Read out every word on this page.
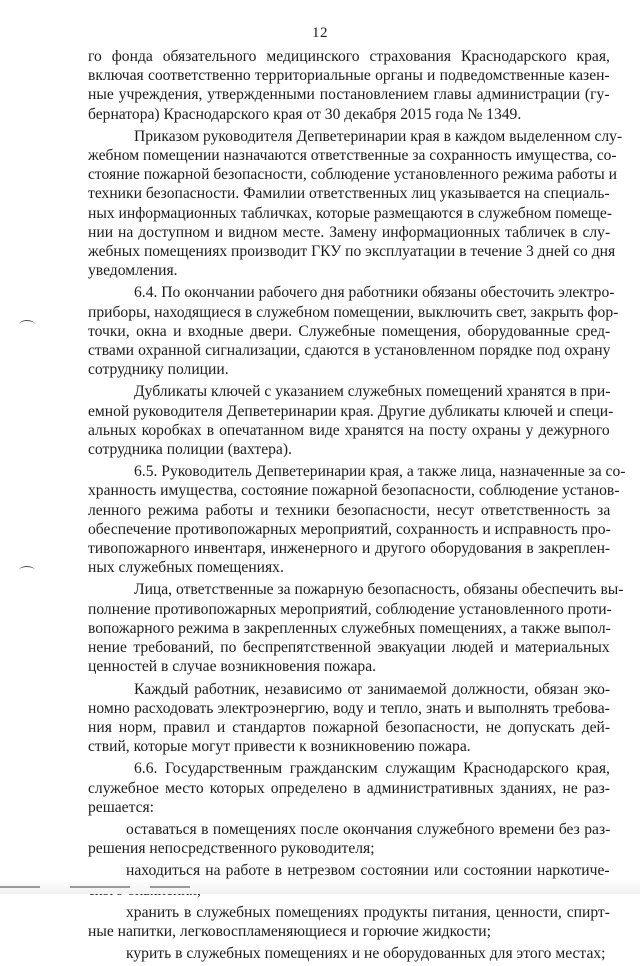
12

го фонда обязательного медицинского страхования Краснодарского края,
включая соответственно территориальные органы и подведомственные казен-
ные учреждения, утвержденными постановлением главы администрации (гу-
бернатора) Краснодарского края от 30 декабря 2015 года № 1349.

Приказом руководителя Депветеринарии края в каждом выделенном слу-
жебном помещении назначаются ответственные за сохранность имущества, со-
стояние пожарной безопасности, соблюдение установленного режима работы и
техники безопасности. Фамилии ответственных лиц указывается на специаль-
ных информационных табличках, которые размещаются в служебном помеще-
нии на доступном и видном месте. Замену информационных табличек в слу-
жебных помещениях производит ГКУ по эксплуатации в течение 3 дней со дня
уведомления.

6.4. По окончании рабочего дня работники обязаны обесточить электро-
приборы, находящиеся в служебном помещении, выключить свет, закрыть фор-
точки, окна и входные двери. Служебные помещения, оборудованные сред-
ствами охранной сигнализации, сдаются в установленном порядке под охрану
сотруднику полиции.

Дубликаты ключей с указанием служебных помещений хранятся в при-
емной руководителя Депветеринарии края. Другие дубликаты ключей и специ-
альных коробках в опечатанном виде хранятся на посту охраны у дежурного
сотрудника полиции (вахтера).

6.5. Руководитель Депветеринарии края, а также лица, назначенные за со-
хранность имущества, состояние пожарной безопасности, соблюдение установ-
ленного режима работы и техники безопасности, несут ответственность за
обеспечение противопожарных мероприятий, сохранность и исправность про-
тивопожарного инвентаря, инженерного и другого оборудования в закреплен-
ных служебных помещениях.

Лица, ответственные за пожарную безопасность, обязаны обеспечить вы-
полнение противопожарных мероприятий, соблюдение установленного проти-
вопожарного режима в закрепленных служебных помещениях, а также выпол-
нение требований, по беспрепятственной эвакуации людей и материальных
ценностей в случае возникновения пожара.

Каждый работник, независимо от занимаемой должности, обязан эко-
номно расходовать электроэнергию, воду и тепло, знать и выполнять требова-
ния норм, правил и стандартов пожарной безопасности, не допускать дей-
ствий, которые могут привести к возникновению пожара.

6.6. Государственным гражданским служащим Краснодарского края,
служебное место которых определено в административных зданиях, не раз-
решается:

оставаться в помещениях после окончания служебного времени без раз-
решения непосредственного руководителя;

находиться на работе в нетрезвом состоянии или состоянии наркотиче-

хранить в служебных помещениях продукты питания, ценности, спирт-
ные напитки, легковоспламеняющиеся и горючие жидкости;

курить в служебных помещениях и не оборудованных для этого местах;
